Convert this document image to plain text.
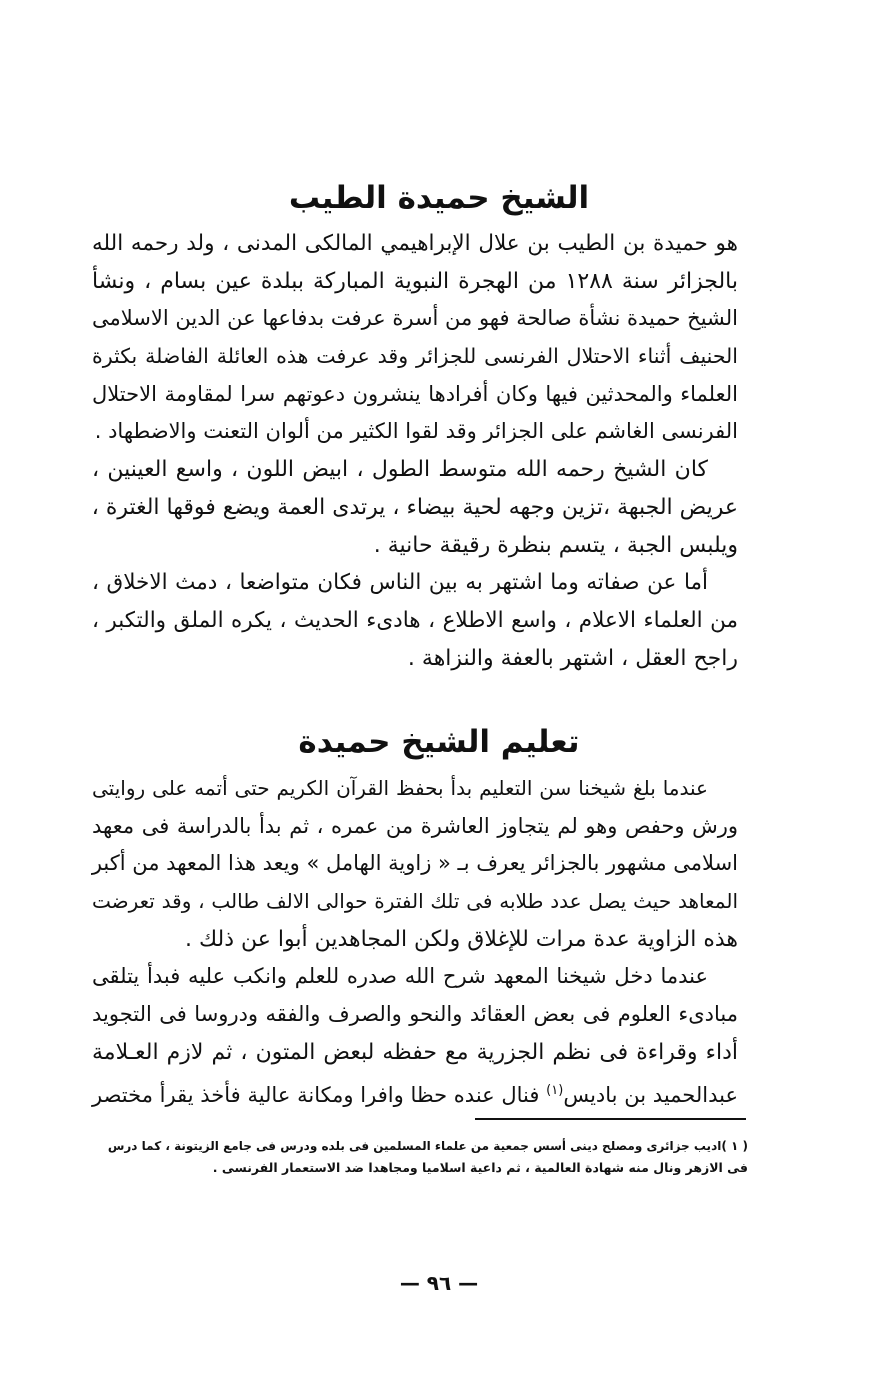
الشيخ حميدة الطيب
هو حميدة بن الطيب بن علال الإبراهيمي المالكى المدنى ، ولد رحمه الله
بالجزائر سنة ١٢٨٨ من الهجرة النبوية المباركة ببلدة عين بسام ، ونشأ
الشيخ حميدة نشأة صالحة فهو من أسرة عرفت بدفاعها عن الدين الاسلامى
الحنيف أثناء الاحتلال الفرنسى للجزائر وقد عرفت هذه العائلة الفاضلة بكثرة
العلماء والمحدثين فيها وكان أفرادها ينشرون دعوتهم سرا لمقاومة الاحتلال
الفرنسى الغاشم على الجزائر وقد لقوا الكثير من ألوان التعنت والاضطهاد .
كان الشيخ رحمه الله متوسط الطول ، ابيض اللون ، واسع العينين ،
عريض الجبهة ،تزين وجهه لحية بيضاء ، يرتدى العمة ويضع فوقها الغترة ،
ويلبس الجبة ، يتسم بنظرة رقيقة حانية .
أما عن صفاته وما اشتهر به بين الناس فكان متواضعا ، دمث الاخلاق ،
من العلماء الاعلام ، واسع الاطلاع ، هادىء الحديث ، يكره الملق والتكبر ،
راجح العقل ، اشتهر بالعفة والنزاهة .
تعليم الشيخ حميدة
عندما بلغ شيخنا سن التعليم بدأ بحفظ القرآن الكريم حتى أتمه على روايتى
ورش وحفص وهو لم يتجاوز العاشرة من عمره ، ثم بدأ بالدراسة فى معهد
اسلامى مشهور بالجزائر يعرف بـ « زاوية الهامل » ويعد هذا المعهد من أكبر
المعاهد حيث يصل عدد طلابه فى تلك الفترة حوالى الالف طالب ، وقد تعرضت
هذه الزاوية عدة مرات للإغلاق ولكن المجاهدين أبوا عن ذلك .
عندما دخل شيخنا المعهد شرح الله صدره للعلم وانكب عليه فبدأ يتلقى
مبادىء العلوم فى بعض العقائد والنحو والصرف والفقه ودروسا فى التجويد
أداء وقراءة فى نظم الجزرية مع حفظه لبعض المتون ، ثم لازم العـلامة
عبدالحميد بن باديس$^{(١)}$ فنال عنده حظا وافرا ومكانة عالية فأخذ يقرأ مختصر
( ١ )اديب جزائرى ومصلح دينى أسس جمعية من علماء المسلمين فى بلده ودرس فى جامع الزيتونة ، كما درس
فى الازهر ونال منه شهادة العالمية ، ثم داعية اسلاميا ومجاهدا ضد الاستعمار الفرنسى .
— ٩٦ —
